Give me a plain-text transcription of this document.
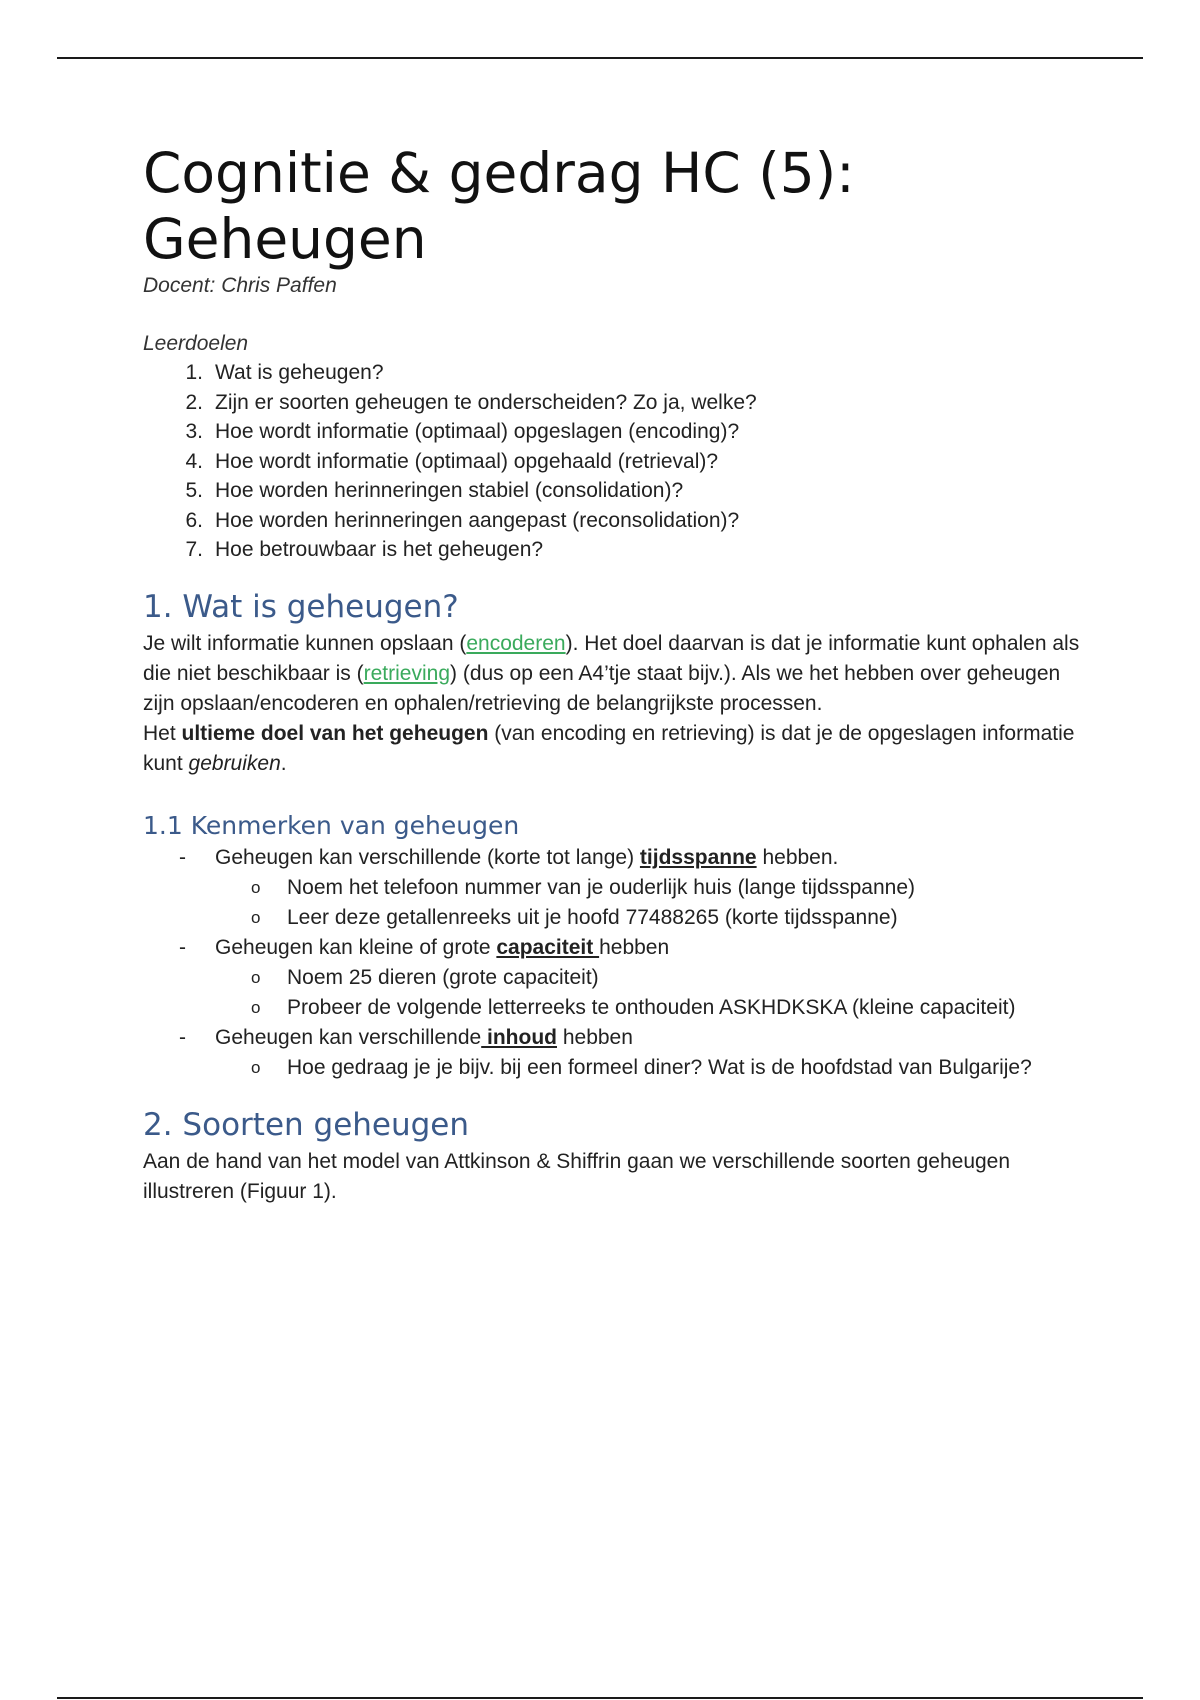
Cognitie & gedrag HC (5):
Geheugen
Docent: Chris Paffen
Leerdoelen
1. Wat is geheugen?
2. Zijn er soorten geheugen te onderscheiden? Zo ja, welke?
3. Hoe wordt informatie (optimaal) opgeslagen (encoding)?
4. Hoe wordt informatie (optimaal) opgehaald (retrieval)?
5. Hoe worden herinneringen stabiel (consolidation)?
6. Hoe worden herinneringen aangepast (reconsolidation)?
7. Hoe betrouwbaar is het geheugen?
1. Wat is geheugen?

Je wilt informatie kunnen opslaan (encoderen). Het doel daarvan is dat je informatie kunt ophalen als die niet beschikbaar is (retrieving) (dus op een A4’tje staat bijv.). Als we het hebben over geheugen zijn opslaan/encoderen en ophalen/retrieving de belangrijkste processen.

Het ultieme doel van het geheugen (van encoding en retrieving) is dat je de opgeslagen informatie kunt gebruiken.

1.1 Kenmerken van geheugen
- Geheugen kan verschillende (korte tot lange) tijdsspanne hebben.
o Noem het telefoon nummer van je ouderlijk huis (lange tijdsspanne)
o Leer deze getallenreeks uit je hoofd 77488265 (korte tijdsspanne)
- Geheugen kan kleine of grote capaciteit hebben
o Noem 25 dieren (grote capaciteit)
o Probeer de volgende letterreeks te onthouden ASKHDKSKA (kleine capaciteit)
- Geheugen kan verschillende inhoud hebben
o Hoe gedraag je je bijv. bij een formeel diner? Wat is de hoofdstad van Bulgarije?
2. Soorten geheugen

Aan de hand van het model van Attkinson & Shiffrin gaan we verschillende soorten geheugen illustreren (Figuur 1).
